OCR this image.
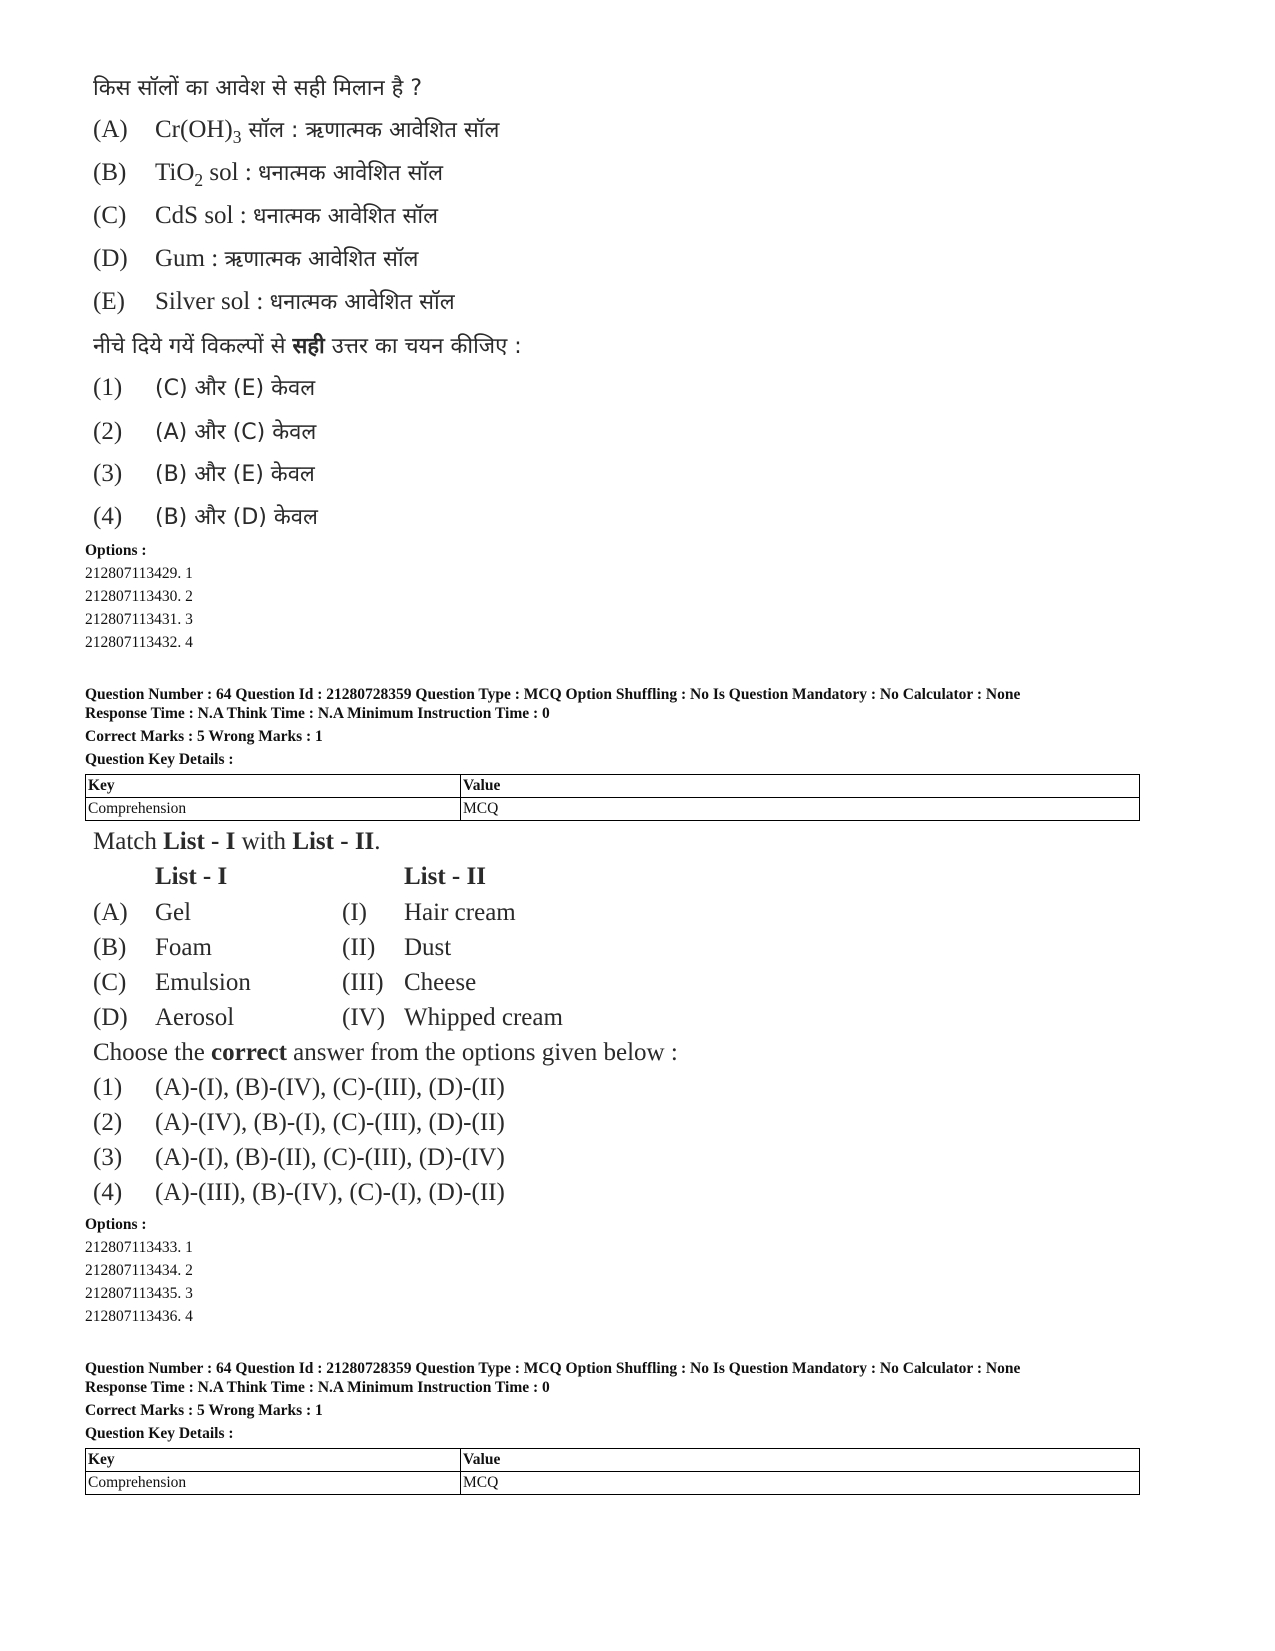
किस सॉलों का आवेश से सही मिलान है ?
(A) $Cr(OH)_3$ सॉल : ऋणात्मक आवेशित सॉल
(B) TiO$_2$ sol : धनात्मक आवेशित सॉल
(C) CdS sol : धनात्मक आवेशित सॉल
(D) Gum : ऋणात्मक आवेशित सॉल
(E) Silver sol : धनात्मक आवेशित सॉल
नीचे दिये गयें विकल्पों से सही उत्तर का चयन कीजिए :
(1) (C) और (E) केवल
(2) (A) और (C) केवल
(3) (B) और (E) केवल
(4) (B) और (D) केवल
Options :
212807113429. 1
212807113430. 2
212807113431. 3
212807113432. 4
Question Number : 64 Question Id : 21280728359 Question Type : MCQ Option Shuffling : No Is Question Mandatory : No Calculator : None
Response Time : N.A Think Time : N.A Minimum Instruction Time : 0
Correct Marks : 5 Wrong Marks : 1
Question Key Details :
Key	Value
Comprehension	MCQ
Match List - I with List - II.
List - I	List - II
(A) Gel	(I) Hair cream
(B) Foam	(II) Dust
(C) Emulsion	(III) Cheese
(D) Aerosol	(IV) Whipped cream
Choose the correct answer from the options given below :
(1) (A)-(I), (B)-(IV), (C)-(III), (D)-(II)
(2) (A)-(IV), (B)-(I), (C)-(III), (D)-(II)
(3) (A)-(I), (B)-(II), (C)-(III), (D)-(IV)
(4) (A)-(III), (B)-(IV), (C)-(I), (D)-(II)
Options :
212807113433. 1
212807113434. 2
212807113435. 3
212807113436. 4
Question Number : 64 Question Id : 21280728359 Question Type : MCQ Option Shuffling : No Is Question Mandatory : No Calculator : None
Response Time : N.A Think Time : N.A Minimum Instruction Time : 0
Correct Marks : 5 Wrong Marks : 1
Question Key Details :
Key	Value
Comprehension	MCQ
